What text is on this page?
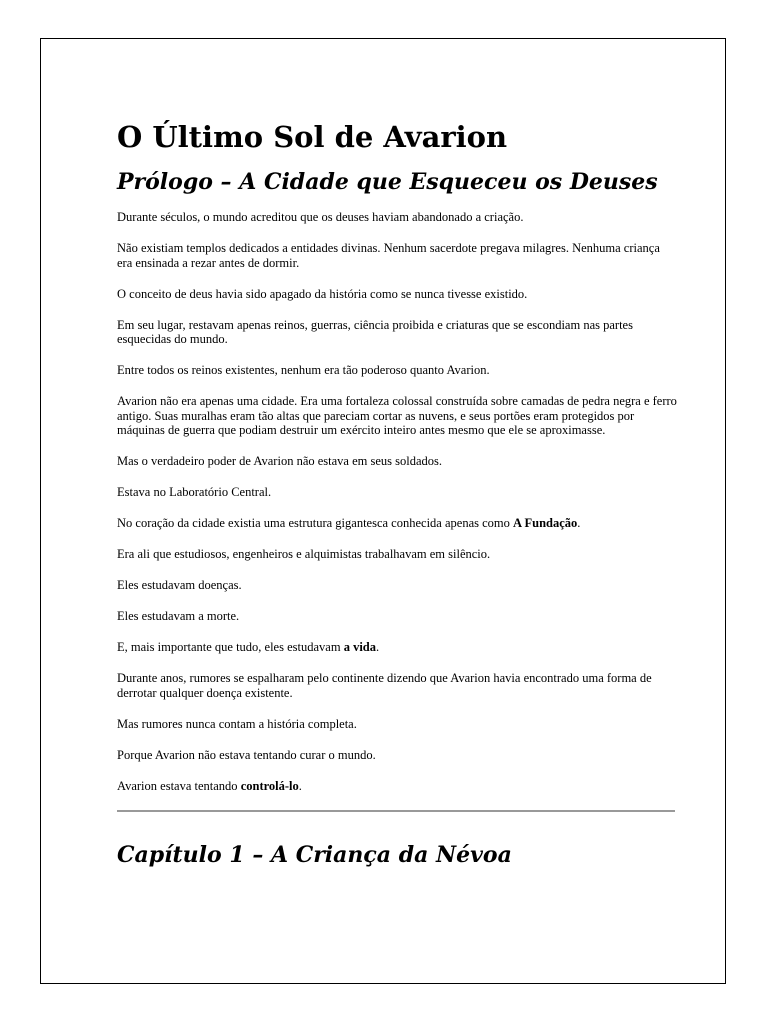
O Último Sol de Avarion
Prólogo – A Cidade que Esqueceu os Deuses

Durante séculos, o mundo acreditou que os deuses haviam abandonado a criação.

Não existiam templos dedicados a entidades divinas. Nenhum sacerdote pregava milagres. Nenhuma criança era ensinada a rezar antes de dormir.

O conceito de deus havia sido apagado da história como se nunca tivesse existido.

Em seu lugar, restavam apenas reinos, guerras, ciência proibida e criaturas que se escondiam nas partes esquecidas do mundo.

Entre todos os reinos existentes, nenhum era tão poderoso quanto Avarion.

Avarion não era apenas uma cidade. Era uma fortaleza colossal construída sobre camadas de pedra negra e ferro antigo. Suas muralhas eram tão altas que pareciam cortar as nuvens, e seus portões eram protegidos por máquinas de guerra que podiam destruir um exército inteiro antes mesmo que ele se aproximasse.

Mas o verdadeiro poder de Avarion não estava em seus soldados.

Estava no Laboratório Central.

No coração da cidade existia uma estrutura gigantesca conhecida apenas como A Fundação.

Era ali que estudiosos, engenheiros e alquimistas trabalhavam em silêncio.

Eles estudavam doenças.

Eles estudavam a morte.

E, mais importante que tudo, eles estudavam a vida.

Durante anos, rumores se espalharam pelo continente dizendo que Avarion havia encontrado uma forma de derrotar qualquer doença existente.

Mas rumores nunca contam a história completa.

Porque Avarion não estava tentando curar o mundo.

Avarion estava tentando controlá-lo.

Capítulo 1 – A Criança da Névoa
